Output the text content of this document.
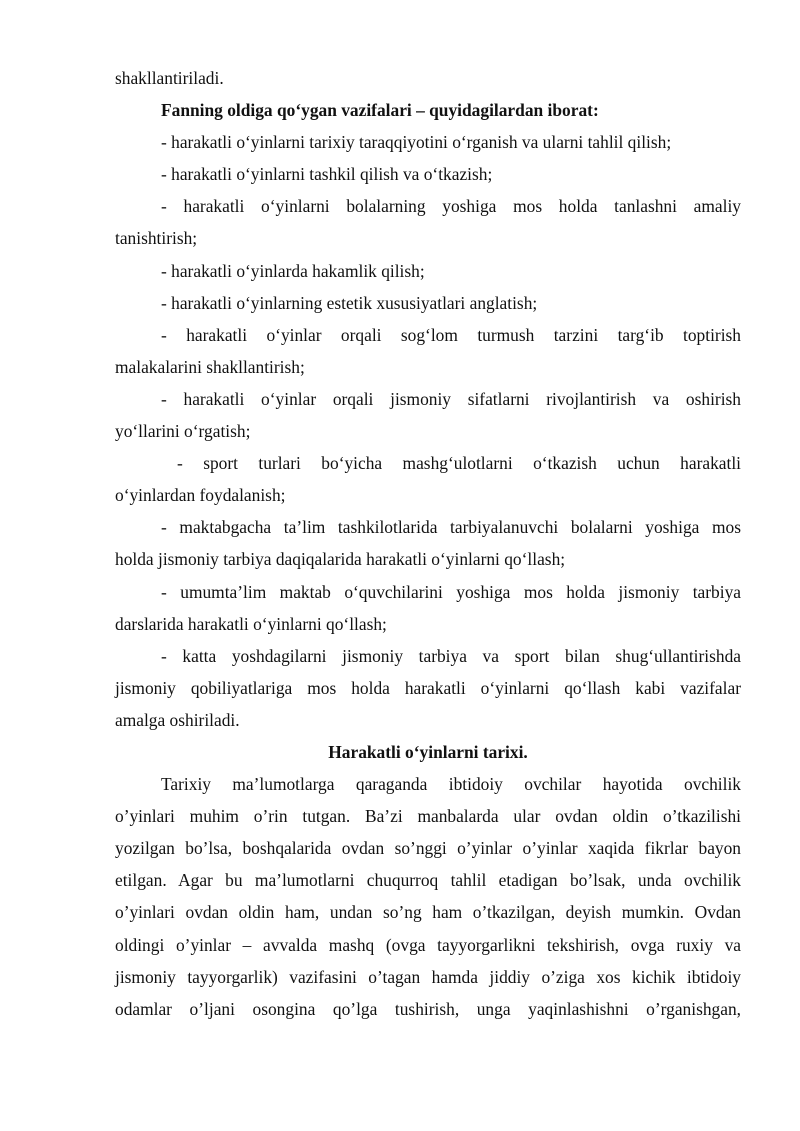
shakllantiriladi.
Fanning oldiga qo‘ygan vazifalari – quyidagilardan iborat:
- harakatli o‘yinlarni tarixiy taraqqiyotini o‘rganish va ularni tahlil qilish;
- harakatli o‘yinlarni tashkil qilish va o‘tkazish;
- harakatli o‘yinlarni bolalarning yoshiga mos holda tanlashni amaliy
tanishtirish;
- harakatli o‘yinlarda hakamlik qilish;
- harakatli o‘yinlarning estetik xususiyatlari anglatish;
- harakatli o‘yinlar orqali sog‘lom turmush tarzini targ‘ib toptirish
malakalarini shakllantirish;
- harakatli o‘yinlar orqali jismoniy sifatlarni rivojlantirish va oshirish
yo‘llarini o‘rgatish;
- sport turlari bo‘yicha mashg‘ulotlarni o‘tkazish uchun harakatli
o‘yinlardan foydalanish;
- maktabgacha ta’lim tashkilotlarida tarbiyalanuvchi bolalarni yoshiga mos
holda jismoniy tarbiya daqiqalarida harakatli o‘yinlarni qo‘llash;
- umumta’lim maktab o‘quvchilarini yoshiga mos holda jismoniy tarbiya
darslarida harakatli o‘yinlarni qo‘llash;
- katta yoshdagilarni jismoniy tarbiya va sport bilan shug‘ullantirishda
jismoniy qobiliyatlariga mos holda harakatli o‘yinlarni qo‘llash kabi vazifalar
amalga oshiriladi.
Harakatli o‘yinlarni tarixi.
Tarixiy ma’lumotlarga qaraganda ibtidoiy ovchilar hayotida ovchilik
o’yinlari muhim o’rin tutgan. Ba’zi manbalarda ular ovdan oldin o’tkazilishi
yozilgan bo’lsa, boshqalarida ovdan so’nggi o’yinlar o’yinlar xaqida fikrlar bayon
etilgan. Agar bu ma’lumotlarni chuqurroq tahlil etadigan bo’lsak, unda ovchilik
o’yinlari ovdan oldin ham, undan so’ng ham o’tkazilgan, deyish mumkin. Ovdan
oldingi o’yinlar – avvalda mashq (ovga tayyorgarlikni tekshirish, ovga ruxiy va
jismoniy tayyorgarlik) vazifasini o’tagan hamda jiddiy o’ziga xos kichik ibtidoiy
odamlar o’ljani osongina qo’lga tushirish, unga yaqinlashishni o’rganishgan,
